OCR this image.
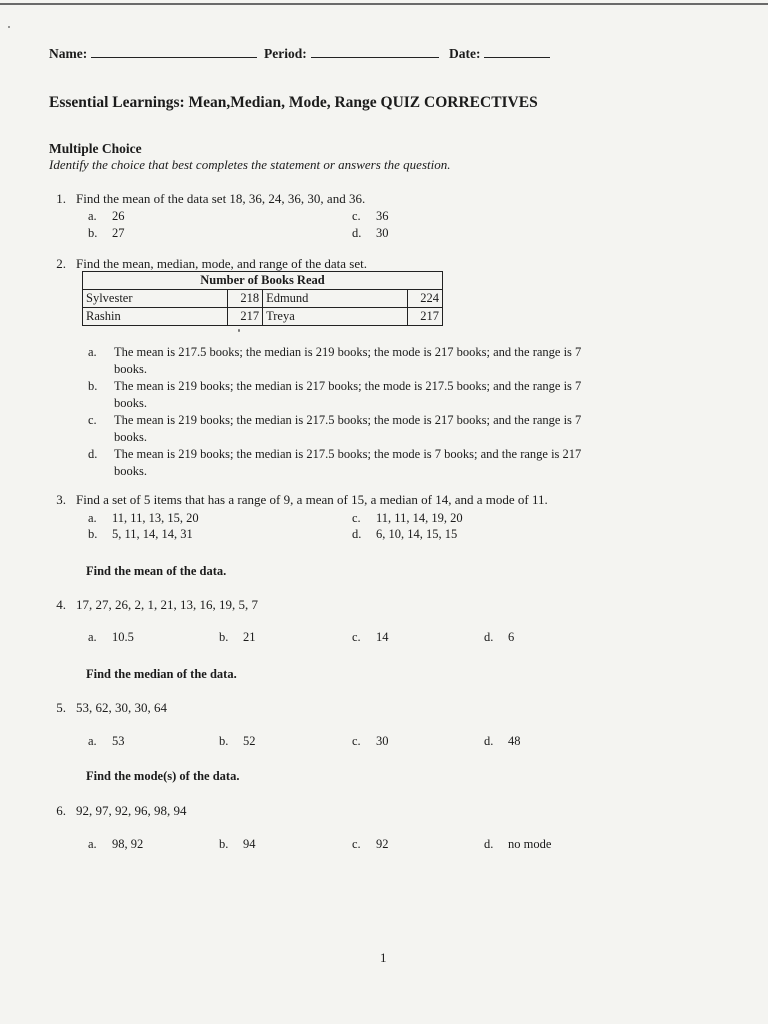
Name:	Period:	Date:
Essential Learnings: Mean,Median, Mode, Range QUIZ CORRECTIVES
Multiple Choice
Identify the choice that best completes the statement or answers the question.
1. Find the mean of the data set 18, 36, 24, 36, 30, and 36.
a. 26
b. 27
c. 36
d. 30
2. Find the mean, median, mode, and range of the data set.
Number of Books Read			
Sylvester	218	Edmund	224
Rashin	217	Treya	217
a. The mean is 217.5 books; the median is 219 books; the mode is 217 books; and the range is 7 books.
b. The mean is 219 books; the median is 217 books; the mode is 217.5 books; and the range is 7 books.
c. The mean is 219 books; the median is 217.5 books; the mode is 217 books; and the range is 7 books.
d. The mean is 219 books; the median is 217.5 books; the mode is 7 books; and the range is 217 books.
3. Find a set of 5 items that has a range of 9, a mean of 15, a median of 14, and a mode of 11.
a. 11, 11, 13, 15, 20
b. 5, 11, 14, 14, 31
c. 11, 11, 14, 19, 20
d. 6, 10, 14, 15, 15
Find the mean of the data.
4. 17, 27, 26, 2, 1, 21, 13, 16, 19, 5, 7
a. 10.5	b. 21	c. 14	d. 6
Find the median of the data.
5. 53, 62, 30, 30, 64
a. 53	b. 52	c. 30	d. 48
Find the mode(s) of the data.
6. 92, 97, 92, 96, 98, 94
a. 98, 92	b. 94	c. 92	d. no mode
1
